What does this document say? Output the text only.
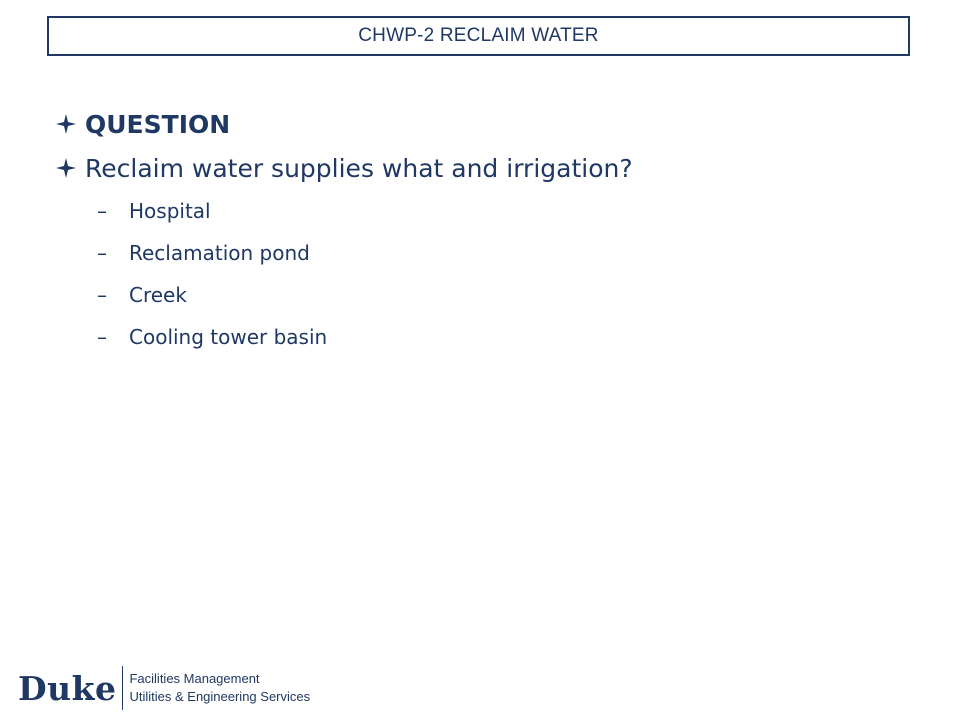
CHWP-2 RECLAIM WATER
QUESTION
Reclaim water supplies what and irrigation?
–	Hospital
–	Reclamation pond
–	Creek
–	Cooling tower basin
Duke	Facilities Management
Utilities & Engineering Services
